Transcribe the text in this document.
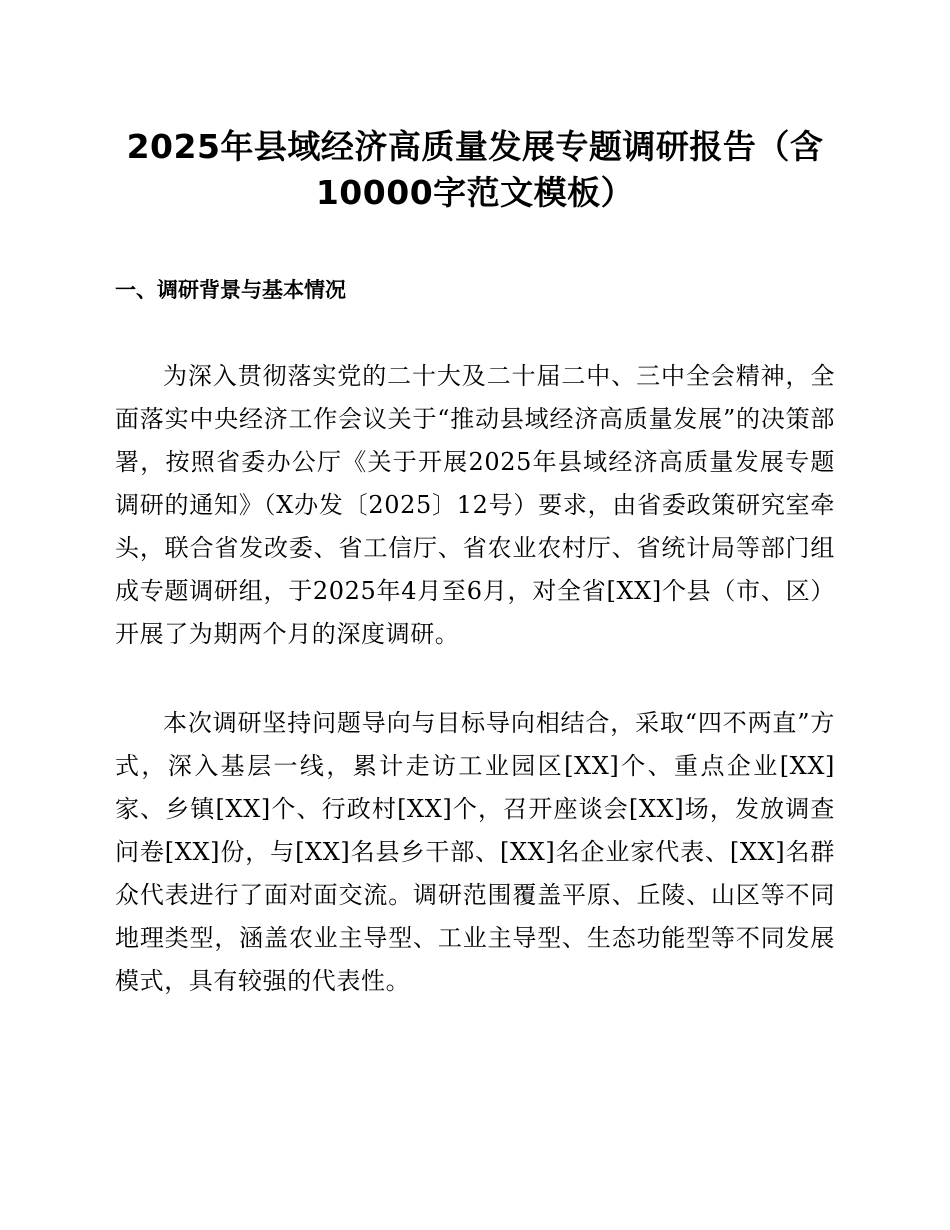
2025年县域经济高质量发展专题调研报告（含10000字范文模板）
一、调研背景与基本情况

为深入贯彻落实党的二十大及二十届二中、三中全会精神，全面落实中央经济工作会议关于“推动县域经济高质量发展”的决策部署，按照省委办公厅《关于开展2025年县域经济高质量发展专题调研的通知》（X办发〔2025〕12号）要求，由省委政策研究室牵头，联合省发改委、省工信厅、省农业农村厅、省统计局等部门组成专题调研组，于2025年4月至6月，对全省[XX]个县（市、区）开展了为期两个月的深度调研。

本次调研坚持问题导向与目标导向相结合，采取“四不两直”方式，深入基层一线，累计走访工业园区[XX]个、重点企业[XX]家、乡镇[XX]个、行政村[XX]个，召开座谈会[XX]场，发放调查问卷[XX]份，与[XX]名县乡干部、[XX]名企业家代表、[XX]名群众代表进行了面对面交流。调研范围覆盖平原、丘陵、山区等不同地理类型，涵盖农业主导型、工业主导型、生态功能型等不同发展模式，具有较强的代表性。
